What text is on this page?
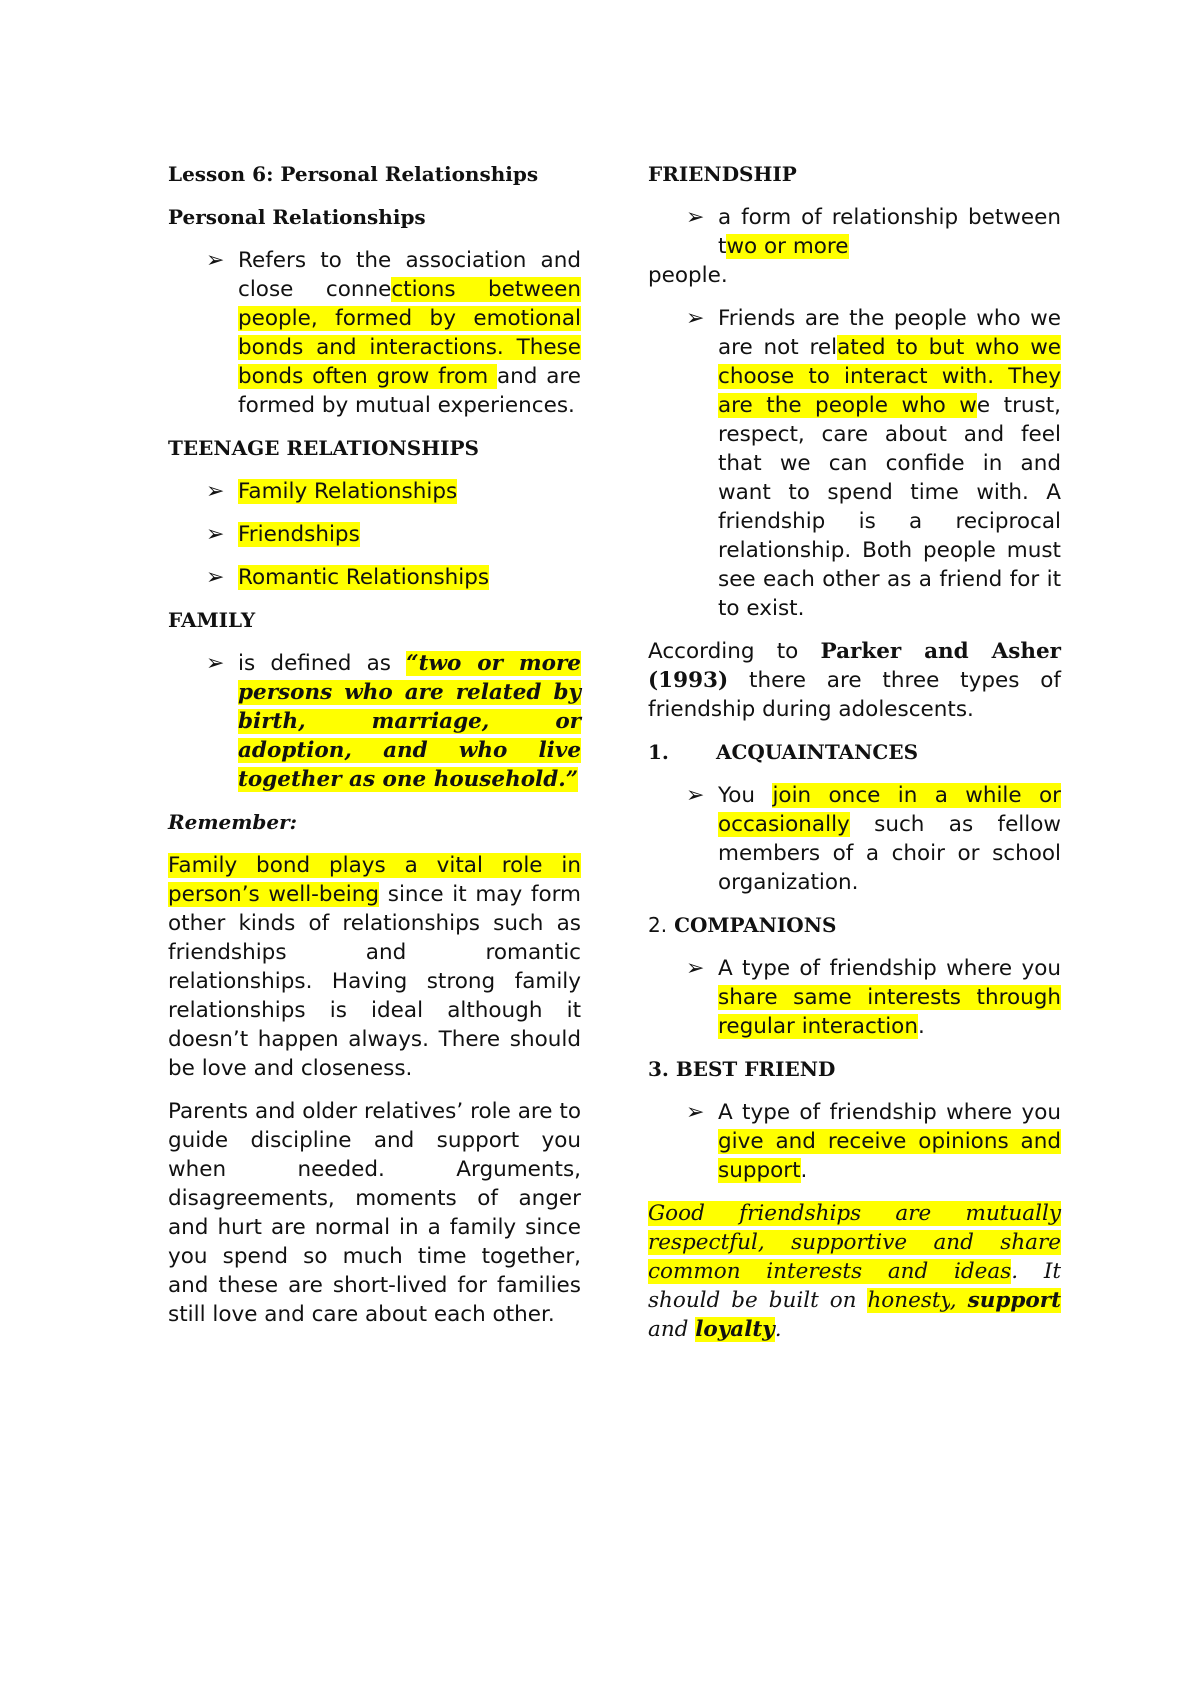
Lesson 6: Personal Relationships
Personal Relationships
➢ Refers to the association and close connections between people, formed by emotional bonds and interactions. These bonds often grow from and are formed by mutual experiences.
TEENAGE RELATIONSHIPS
➢ Family Relationships
➢ Friendships
➢ Romantic Relationships
FAMILY
➢ is defined as “two or more persons who are related by birth, marriage, or adoption, and who live together as one household.”
Remember:

Family bond plays a vital role in person’s well-being since it may form other kinds of relationships such as friendships and romantic relationships. Having strong family relationships is ideal although it doesn’t happen always. There should be love and closeness.

Parents and older relatives’ role are to guide discipline and support you when needed. Arguments, disagreements, moments of anger and hurt are normal in a family since you spend so much time together, and these are short-lived for families still love and care about each other.

FRIENDSHIP
➢ a form of relationship between two or more

people.

➢ Friends are the people who we are not related to but who we choose to interact with. They are the people who we trust, respect, care about and feel that we can confide in and want to spend time with. A friendship is a reciprocal relationship. Both people must see each other as a friend for it to exist.

According to Parker and Asher (1993) there are three types of friendship during adolescents.

1. ACQUAINTANCES
➢ You join once in a while or occasionally such as fellow members of a choir or school organization.
2. COMPANIONS
➢ A type of friendship where you share same interests through regular interaction.
3. BEST FRIEND
➢ A type of friendship where you give and receive opinions and support.

Good friendships are mutually respectful, supportive and share common interests and ideas. It should be built on honesty, support and loyalty.
